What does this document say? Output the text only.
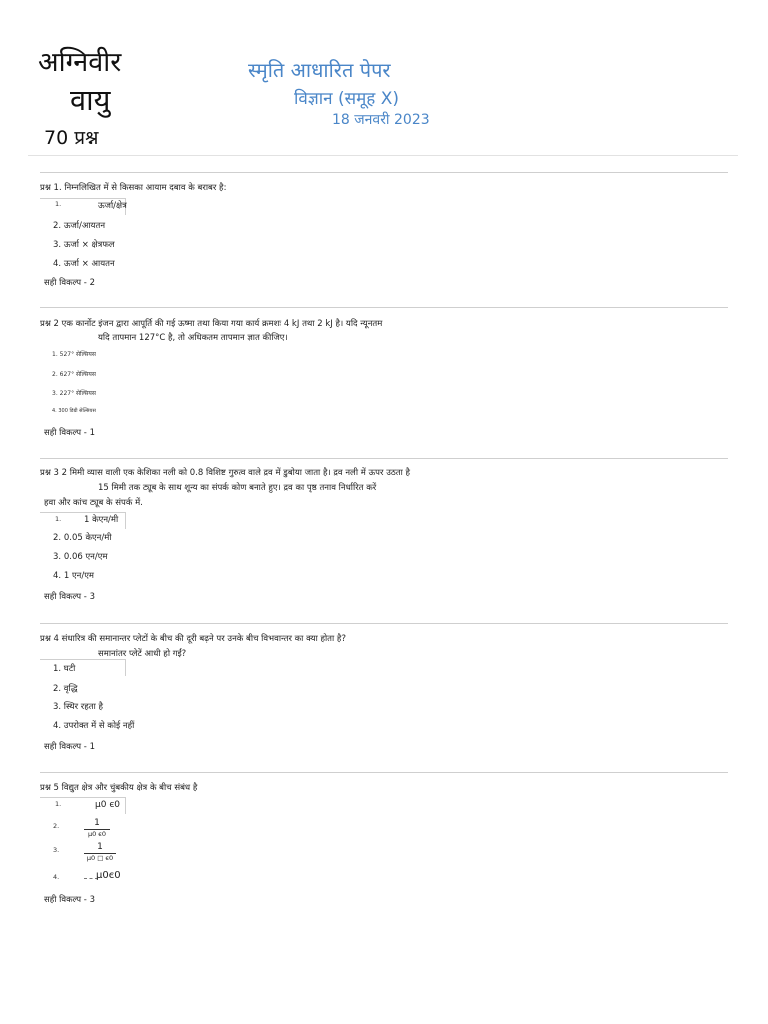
अग्निवीर
वायु
70 प्रश्न
स्मृति आधारित पेपर
विज्ञान (समूह X)
18 जनवरी 2023
प्रश्न 1. निम्नलिखित में से किसका आयाम दबाव के बराबर है:
1.	ऊर्जा/क्षेत्र
2. ऊर्जा/आयतन
3. ऊर्जा × क्षेत्रफल
4. ऊर्जा × आयतन
सही विकल्प - 2
प्रश्न 2 एक कार्नोट इंजन द्वारा आपूर्ति की गई ऊष्मा तथा किया गया कार्य क्रमशः 4 kJ तथा 2 kJ है। यदि न्यूनतम
यदि तापमान 127°C है, तो अधिकतम तापमान ज्ञात कीजिए।
1. 527° सेल्सियस
2. 627° सेल्सियस
3. 227° सेल्सियस
4. 300 डिग्री सेल्सियस
सही विकल्प - 1
प्रश्न 3 2 मिमी व्यास वाली एक केशिका नली को 0.8 विशिष्ट गुरुत्व वाले द्रव में डुबोया जाता है। द्रव नली में ऊपर उठता है
15 मिमी तक ट्यूब के साथ शून्य का संपर्क कोण बनाते हुए। द्रव का पृष्ठ तनाव निर्धारित करें
हवा और कांच ट्यूब के संपर्क में.
1.	1 केएन/मी
2. 0.05 केएन/मी
3. 0.06 एन/एम
4. 1 एन/एम
सही विकल्प - 3
प्रश्न 4 संधारित्र की समानान्तर प्लेटों के बीच की दूरी बढ़ने पर उनके बीच विभवान्तर का क्या होता है?
समानांतर प्लेटें आधी हो गईं?
1. घटी
2. वृद्धि
3. स्थिर रहता है
4. उपरोक्त में से कोई नहीं
सही विकल्प - 1
प्रश्न 5 विद्युत क्षेत्र और चुंबकीय क्षेत्र के बीच संबंध है
1.	μ0 є0
2.	1
μ0 є0
3.	1
μ0 □ є0
4.	μ0є0
सही विकल्प - 3
